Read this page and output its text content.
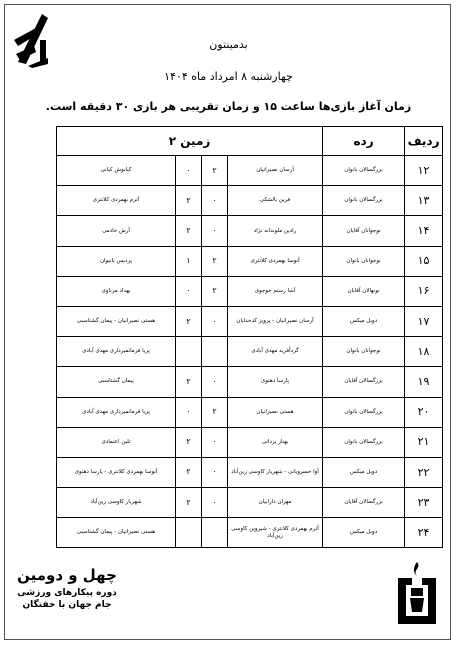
بدمینتون
چهارشنبه ۸ امرداد ماه ۱۴۰۴
زمان آغاز بازی‌ها ساعت ۱۵ و زمان تقریبی هر بازی ۳۰ دقیقه است.
ردیف	رده	زمین ۲			
۱۲	بزرگسالان بانوان	آرسان نصیرانیان	۲	۰	کیانوش کیانی
۱۳	بزرگسالان بانوان	فرین بالشکی	۰	۲	آترم بهمردی کلانتری
۱۴	نوجوانان آقایان	رادین ملوندانه نژاد	۰	۲	آرش خادمی
۱۵	نوجوانان بانوان	آنوسا بهمردی کلانتری	۲	۱	پردیس بانیوان
۱۶	نونهالان آقایان	آشا رستم خوجوی	۲	۰	بهداد مزناوی
۱۷	دوبل میکس	آرسان نصیرانیان - پرویز کدخدایان	۰	۲	هستی نصیرانیان - پیمان گشتاسبی
۱۸	نوجوانان بانوان	گرداًفرید مهدی آبادی			پریا فرمانمیرداری مهدی آبادی
۱۹	بزرگسالان آقایان	پارسا دهنوی	۰	۲	پیمان گشتاسبی
۲۰	بزرگسالان بانوان	هستی نصیرانیان	۲	۰	پریا فرمانمیرداری مهدی آبادی
۲۱	بزرگسالان بانوان	بهناز یزدانی	۰	۲	تلین اعتمادی
۲۲	دوبل میکس	آوا خسرویانی - شهریار کاوسی زین‌آباد	۰	۲	آنوسا بهمردی کلانتری - پارسا دهنوی
۲۳	بزرگسالان آقایان	مهران دارابیان	۰	۲	شهریار کاوسی زین‌آباد
۲۴	دوبل میکس	آترم بهمردی کلانتری - شیروین کاوسی زین‌آباد			هستی نصیرانیان - پیمان گشتاسبی
چهل و دومین
دوره پیکارهای ورزشی
جام جهان با خفتگان
